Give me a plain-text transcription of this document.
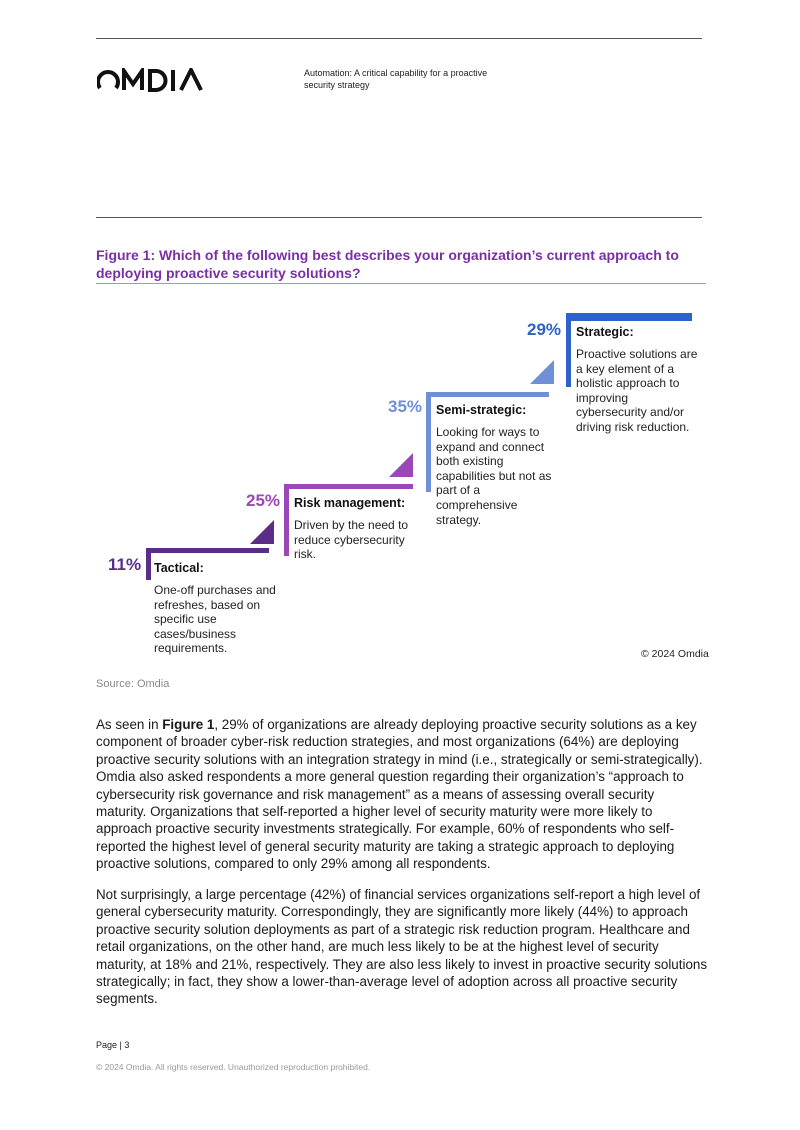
Automation: A critical capability for a proactive security strategy
Figure 1: Which of the following best describes your organization’s current approach to deploying proactive security solutions?
11% Tactical:
One-off purchases and refreshes, based on specific use cases/business requirements.
25% Risk management:
Driven by the need to reduce cybersecurity risk.
35% Semi-strategic:
Looking for ways to expand and connect both existing capabilities but not as part of a comprehensive strategy.
29% Strategic:
Proactive solutions are a key element of a holistic approach to improving cybersecurity and/or driving risk reduction.
© 2024 Omdia
Source: Omdia
As seen in Figure 1, 29% of organizations are already deploying proactive security solutions as a key component of broader cyber-risk reduction strategies, and most organizations (64%) are deploying proactive security solutions with an integration strategy in mind (i.e., strategically or semi-strategically). Omdia also asked respondents a more general question regarding their organization’s “approach to cybersecurity risk governance and risk management” as a means of assessing overall security maturity. Organizations that self-reported a higher level of security maturity were more likely to approach proactive security investments strategically. For example, 60% of respondents who self-reported the highest level of general security maturity are taking a strategic approach to deploying proactive solutions, compared to only 29% among all respondents.
Not surprisingly, a large percentage (42%) of financial services organizations self-report a high level of general cybersecurity maturity. Correspondingly, they are significantly more likely (44%) to approach proactive security solution deployments as part of a strategic risk reduction program. Healthcare and retail organizations, on the other hand, are much less likely to be at the highest level of security maturity, at 18% and 21%, respectively. They are also less likely to invest in proactive security solutions strategically; in fact, they show a lower-than-average level of adoption across all proactive security segments.
Page | 3
© 2024 Omdia. All rights reserved. Unauthorized reproduction prohibited.
